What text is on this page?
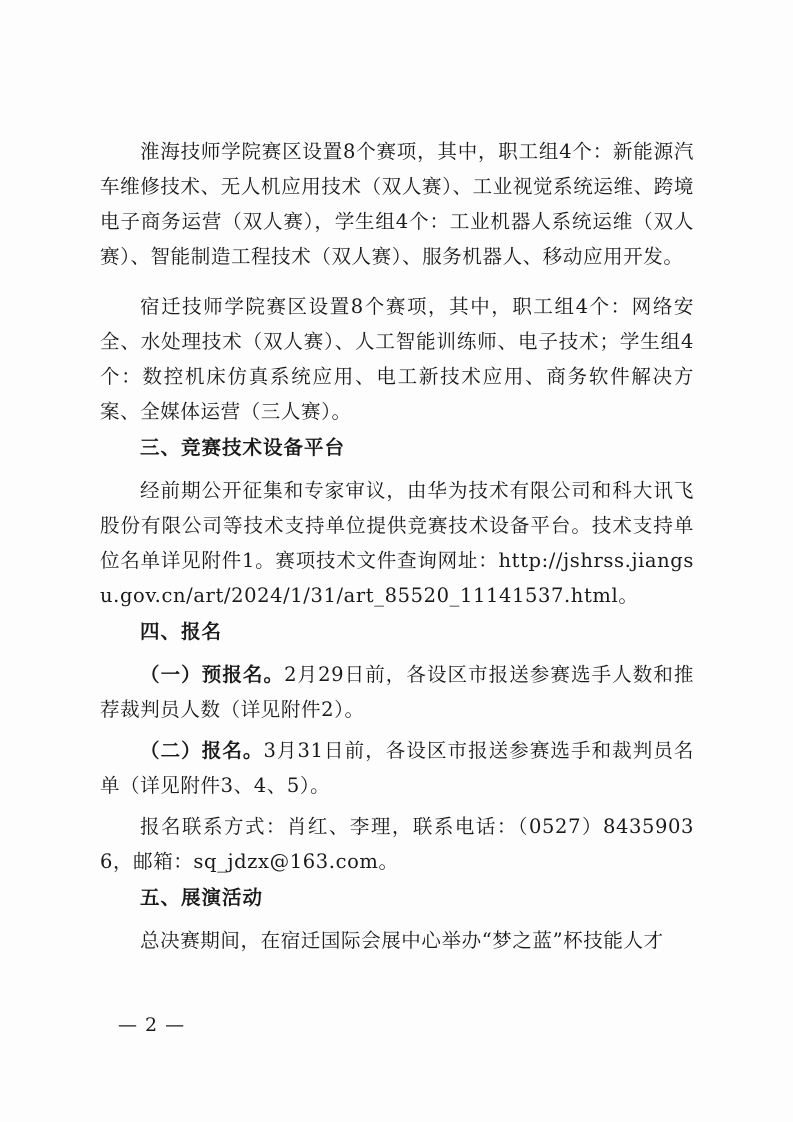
淮海技师学院赛区设置8个赛项，其中，职工组4个：新能源汽车维修技术、无人机应用技术（双人赛）、工业视觉系统运维、跨境电子商务运营（双人赛），学生组4个：工业机器人系统运维（双人赛）、智能制造工程技术（双人赛）、服务机器人、移动应用开发。

宿迁技师学院赛区设置8个赛项，其中，职工组4个：网络安全、水处理技术（双人赛）、人工智能训练师、电子技术；学生组4个：数控机床仿真系统应用、电工新技术应用、商务软件解决方案、全媒体运营（三人赛）。

三、竞赛技术设备平台

经前期公开征集和专家审议，由华为技术有限公司和科大讯飞股份有限公司等技术支持单位提供竞赛技术设备平台。技术支持单位名单详见附件1。赛项技术文件查询网址：http://jshrss.jiangsu.gov.cn/art/2024/1/31/art_85520_11141537.html。

四、报名

（一）预报名。2月29日前，各设区市报送参赛选手人数和推荐裁判员人数（详见附件2）。

（二）报名。3月31日前，各设区市报送参赛选手和裁判员名单（详见附件3、4、5）。

报名联系方式：肖红、李理，联系电话：（0527）84359036，邮箱：sq_jdzx@163.com。

五、展演活动

总决赛期间，在宿迁国际会展中心举办“梦之蓝”杯技能人才

— 2 —
